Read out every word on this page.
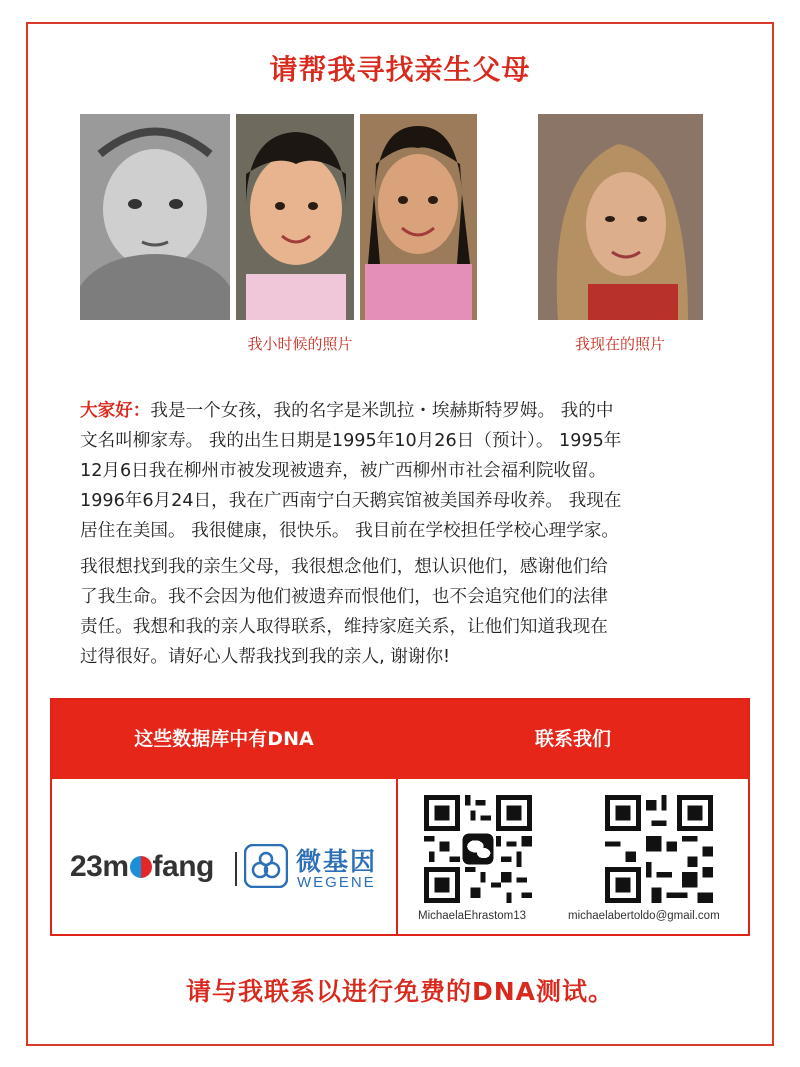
请帮我寻找亲生父母
我小时候的照片	我现在的照片
大家好：我是一个女孩，我的名字是米凯拉・埃赫斯特罗姆。 我的中
文名叫柳家寿。 我的出生日期是1995年10月26日（预计）。 1995年
12月6日我在柳州市被发现被遗弃，被广西柳州市社会福利院收留。
1996年6月24日，我在广西南宁白天鹅宾馆被美国养母收养。 我现在
居住在美国。 我很健康，很快乐。 我目前在学校担任学校心理学家。
我很想找到我的亲生父母，我很想念他们，想认识他们，感谢他们给
了我生命。我不会因为他们被遗弃而恨他们，也不会追究他们的法律
责任。我想和我的亲人取得联系，维持家庭关系，让他们知道我现在
过得很好。请好心人帮我找到我的亲人, 谢谢你!
这些数据库中有DNA	联系我们
23m fang	微基因
WEGENE
MichaelaEhrastom13	michaelabertoldo@gmail.com
请与我联系以进行免费的DNA测试。
